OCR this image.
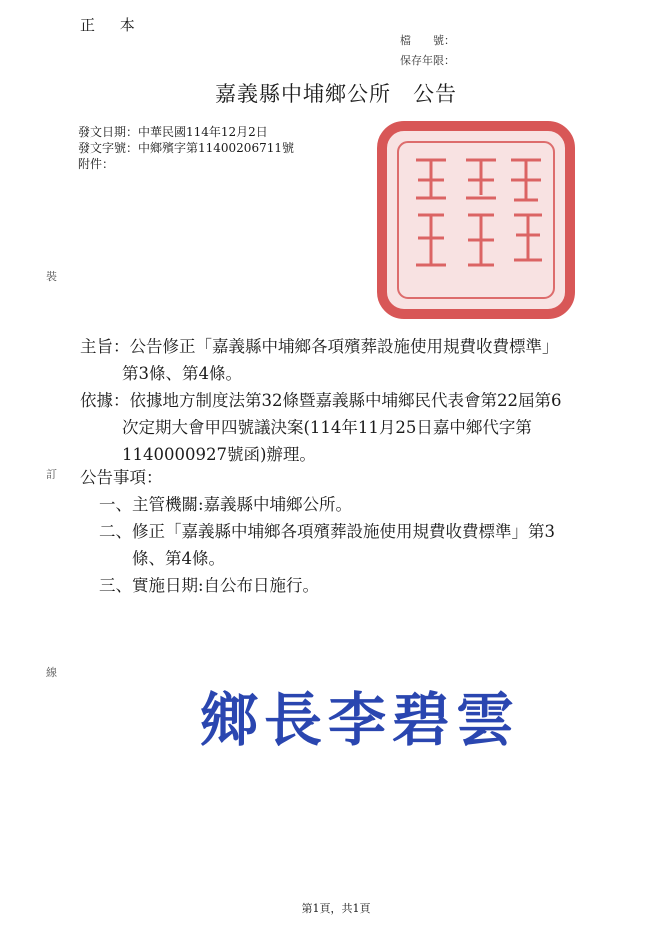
正 本
檔　　號：
保存年限：
嘉義縣中埔鄉公所　公告
發文日期：中華民國114年12月2日
發文字號：中鄉殯字第11400206711號
附件：
裝
訂
線
主旨：公告修正「嘉義縣中埔鄉各項殯葬設施使用規費收費標準」
第3條、第4條。
依據：依據地方制度法第32條暨嘉義縣中埔鄉民代表會第22屆第6
次定期大會甲四號議決案(114年11月25日嘉中鄉代字第
1140000927號函)辦理。
公告事項：
一、主管機關:嘉義縣中埔鄉公所。
二、修正「嘉義縣中埔鄉各項殯葬設施使用規費收費標準」第3
條、第4條。
三、實施日期:自公布日施行。
鄉長李碧雲
第1頁，共1頁
